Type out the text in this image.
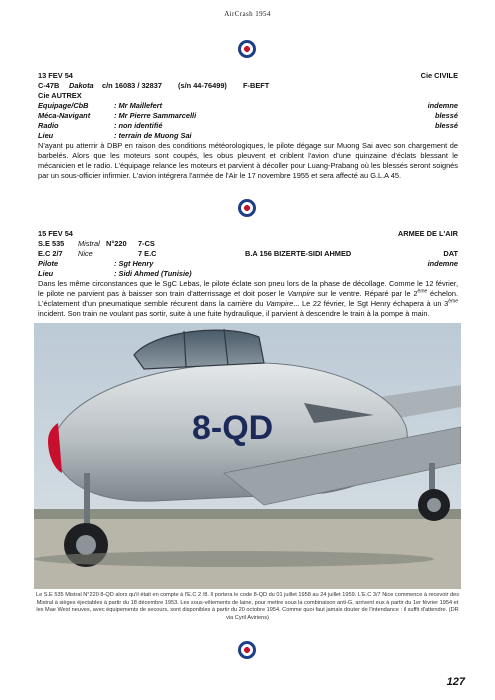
AirCrash 1954
13 FEV 54	Cie CIVILE
C-47B Dakota c/n 16083 / 32837 (s/n 44-76499) F-BEFT
Cie AUTREX
Equipage/CbB	: Mr Maillefert	indemne
Méca-Navigant	: Mr Pierre Sammarcelli	blessé
Radio	: non identifié	blessé
Lieu	: terrain de Muong Sai

N'ayant pu atterrir à DBP en raison des conditions météorologiques, le pilote dégage sur Muong Sai avec son chargement de barbelés. Alors que les moteurs sont coupés, les obus pleuvent et criblent l'avion d'une quinzaine d'éclats blessant le mécanicien et le radio. L'équipage relance les moteurs et parvient à décoller pour Luang-Prabang où les blessés seront soignés par un sous-officier infirmier. L'avion intégrera l'armée de l'Air le 17 novembre 1955 et sera affecté au G.L.A 45.

15 FEV 54	ARMEE DE L'AIR
S.E 535 Mistral N°220 7-CS
E.C 2/7 Nice	7 E.C	B.A 156 BIZERTE-SIDI AHMED	DAT
Pilote	: Sgt Henry	indemne
Lieu	: Sidi Ahmed (Tunisie)

Dans les même circonstances que le SgC Lebas, le pilote éclate son pneu lors de la phase de décollage. Comme le 12 février, le pilote ne parvient pas à baisser son train d'atterrissage et doit poser le Vampire sur le ventre. Réparé par le 2ème échelon. L'éclatement d'un pneumatique semble récurent dans la carrière du Vampire... Le 22 février, le Sgt Henry échapera à un 3ème incident. Son train ne voulant pas sortir, suite à une fuite hydraulique, il parvient à descendre le train à la pompe à main.

8-QD
Le S.E 535 Mistral N°220 8-QD alors qu'il était en compte à l'E.C 2 /8. Il portera le code 8-QD du 01 juillet 1958 au 24 juillet 1959. L'E.C 3/7 Nice commence à recevoir des Mistral à sièges éjectables à partir du 18 décembre 1953. Les sous-vêtements de laine, pour mettre sous la combinaison anti-G, arrivent eux à partir du 1er février 1954 et les Mae West neuves, avec équipements de secours, sont disponibles à partir du 20 octobre 1954. Comme quoi faut jamais douter de l'intendance : il suffit d'attendre. (DR via Cyril Aviriens)
127
